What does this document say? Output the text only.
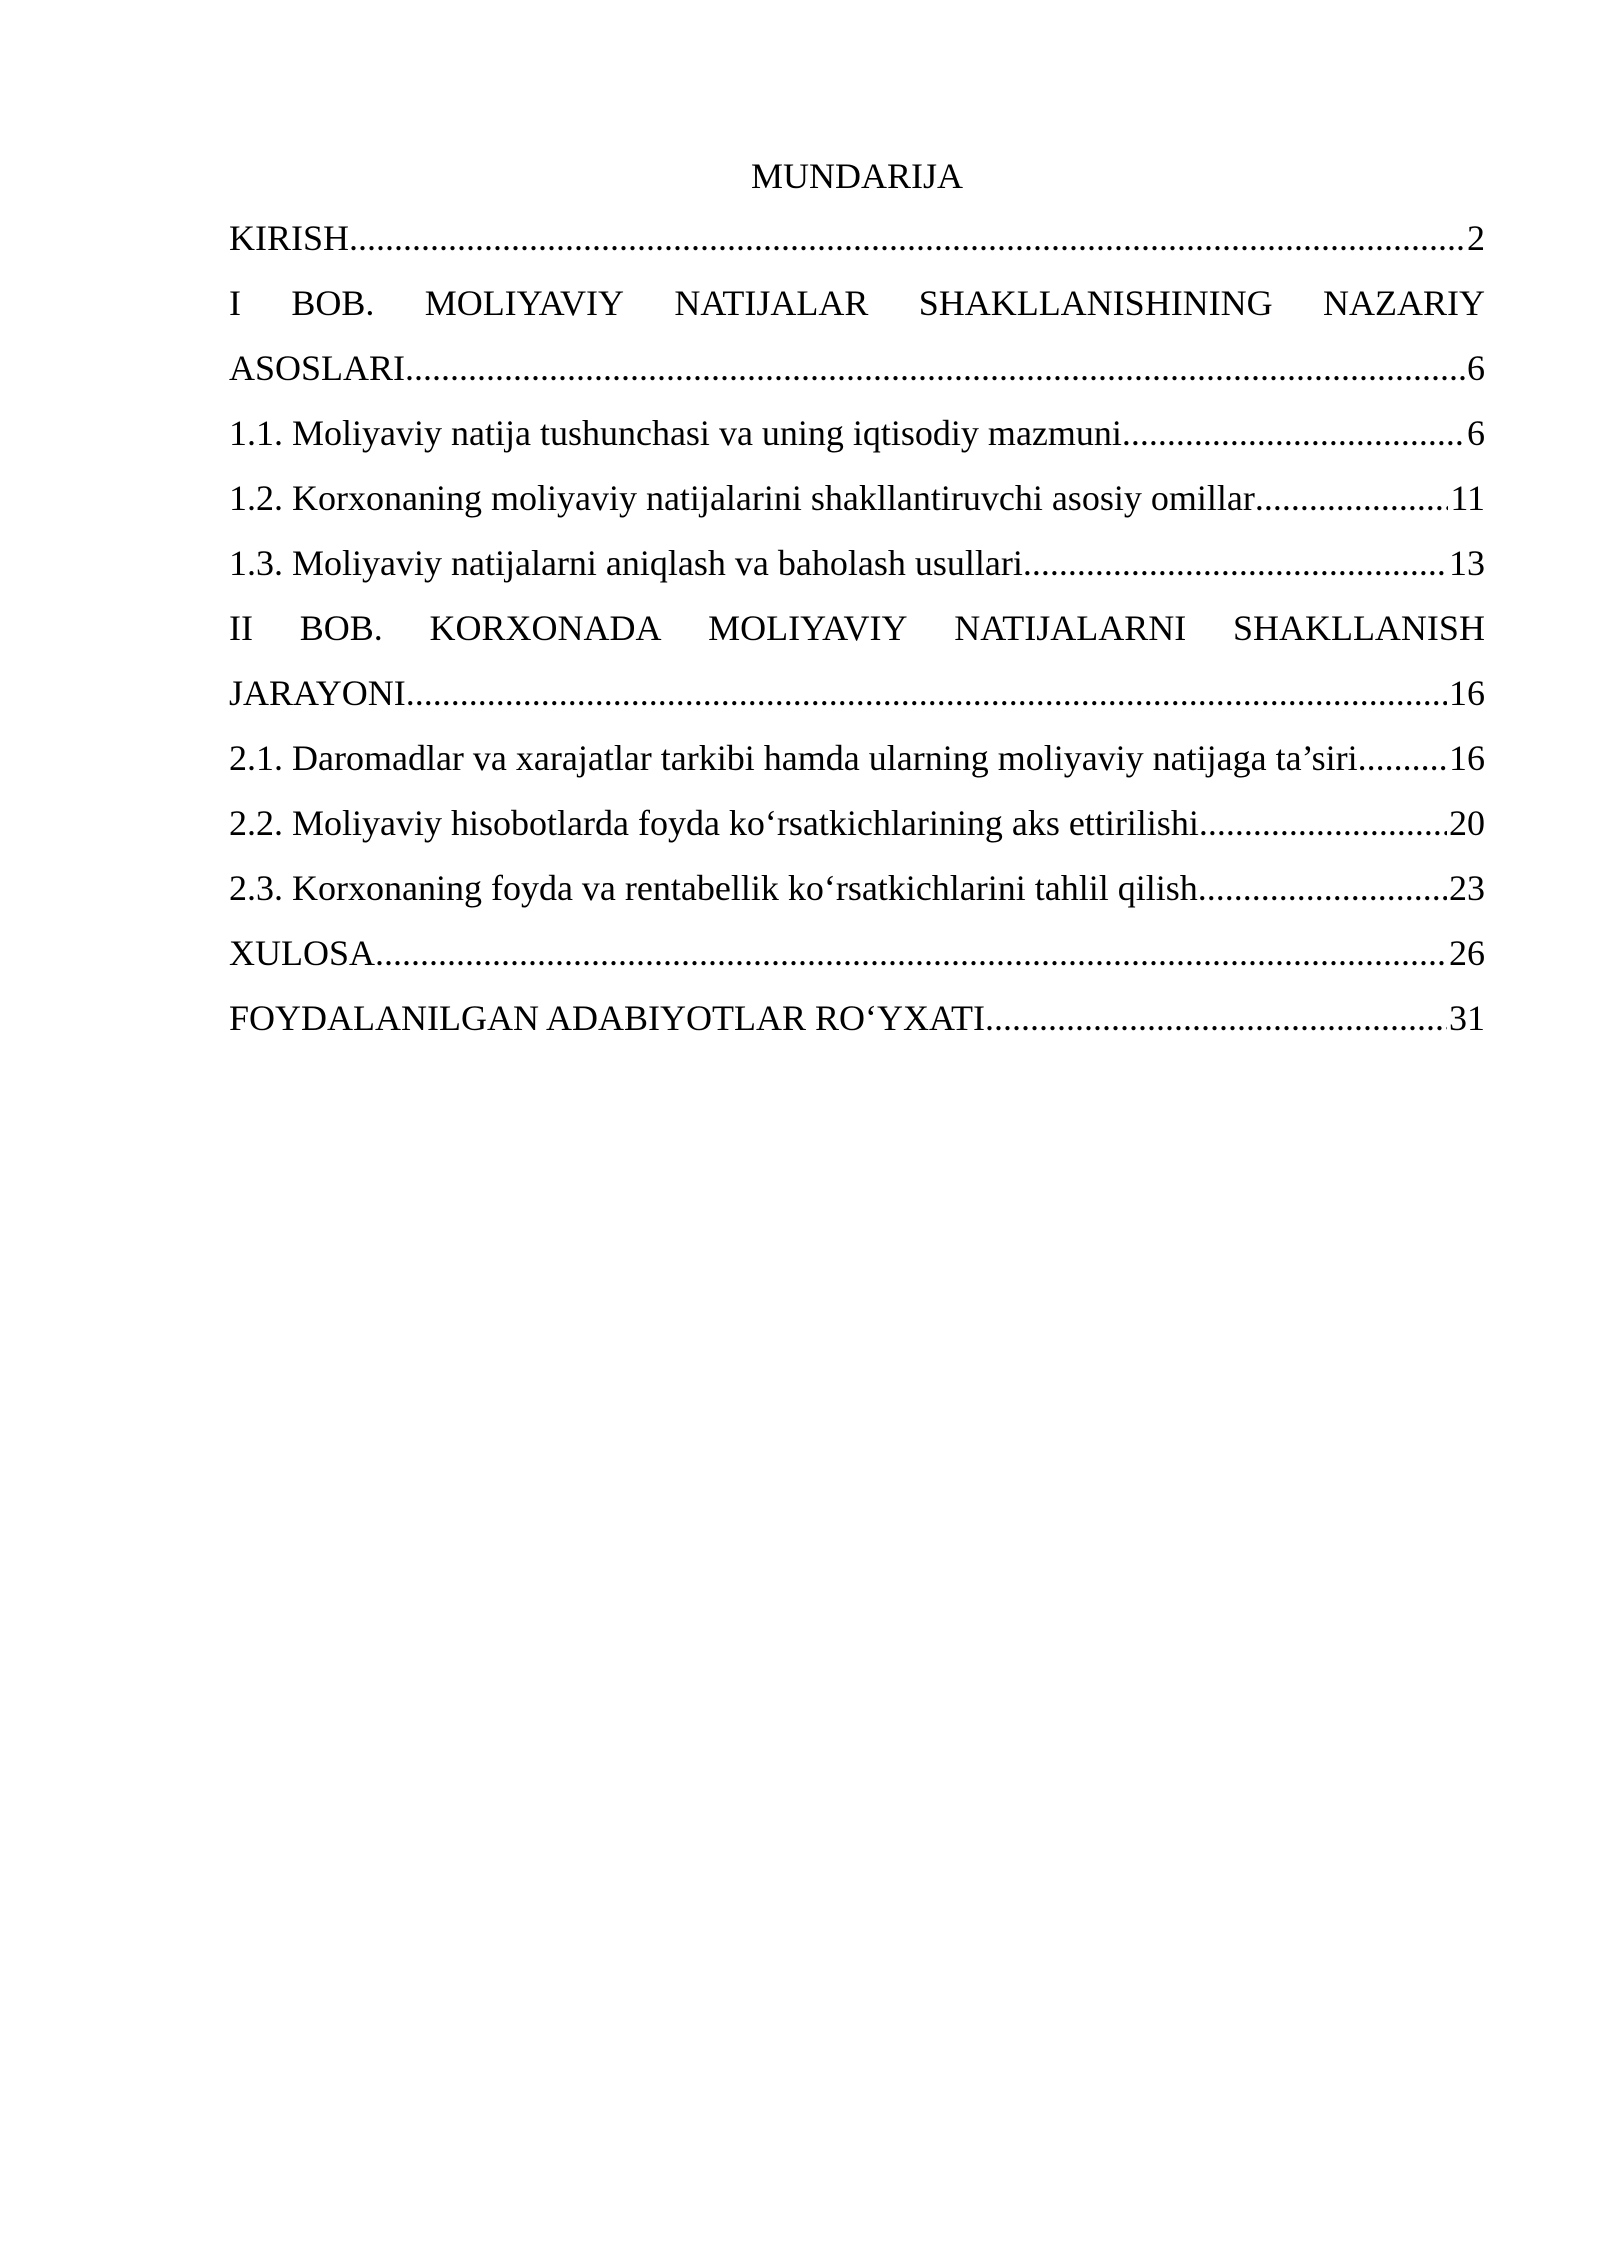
MUNDARIJA
KIRISH .....	2
I BOB. MOLIYAVIY NATIJALAR SHAKLLANISHINING NAZARIY
ASOSLARI .....	6
1.1. Moliyaviy natija tushunchasi va uning iqtisodiy mazmuni .....	6
1.2. Korxonaning moliyaviy natijalarini shakllantiruvchi asosiy omillar .....	11
1.3. Moliyaviy natijalarni aniqlash va baholash usullari .....	13
II BOB. KORXONADA MOLIYAVIY NATIJALARNI SHAKLLANISH
JARAYONI .....	16
2.1. Daromadlar va xarajatlar tarkibi hamda ularning moliyaviy natijaga ta’siri .....	16
2.2. Moliyaviy hisobotlarda foyda ko‘rsatkichlarining aks ettirilishi .....	20
2.3. Korxonaning foyda va rentabellik ko‘rsatkichlarini tahlil qilish .....	23
XULOSA .....	26
FOYDALANILGAN ADABIYOTLAR RO‘YXATI .....	31
